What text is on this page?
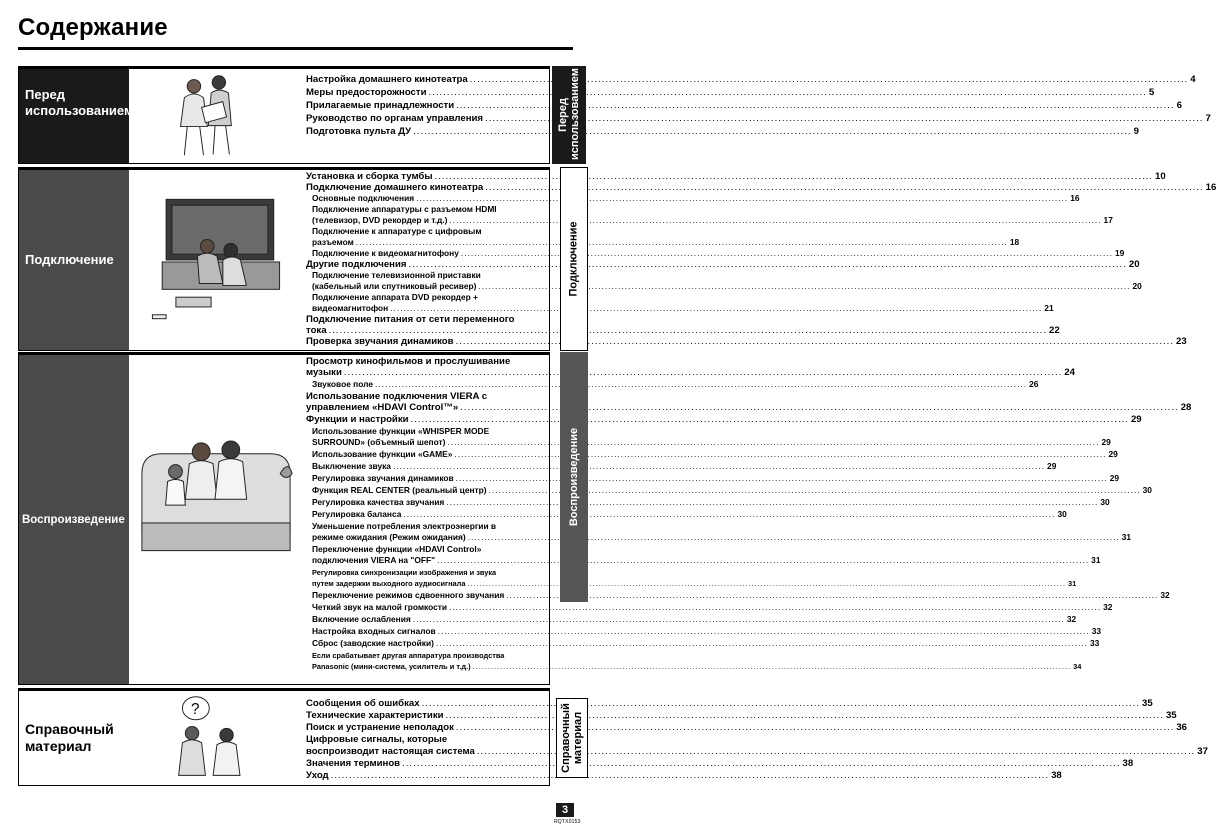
Содержание
Перед использованием
Настройка домашнего кинотеатра .....	4
Меры предосторожности .....	5
Прилагаемые принадлежности .....	6
Руководство по органам управления .....	7
Подготовка пульта ДУ .....	9
Перед использованием
Подключение
Установка и сборка тумбы .....	10
Подключение домашнего кинотеатра .....	16
Основные подключения .....	16
Подключение аппаратуры с разъемом HDMI
(телевизор, DVD рекордер и т.д.) .....	17
Подключение к аппаратуре с цифровым
разъемом .....	18
Подключение к видеомагнитофону .....	19
Другие подключения .....	20
Подключение телевизионной приставки
(кабельный или спутниковый ресивер) .....	20
Подключение аппарата DVD рекордер +
видеомагнитофон .....	21
Подключение питания от сети переменного
тока .....	22
Проверка звучания динамиков .....	23
Подключение
Воспроизведение
Просмотр кинофильмов и прослушивание
музыки .....	24
Звуковое поле .....	26
Использование подключения VIERA с
управлением «HDAVI Control™» .....	28
Функции и настройки .....	29
Использование функции «WHISPER MODE
SURROUND» (объемный шепот) .....	29
Использование функции «GAME» .....	29
Выключение звука .....	29
Регулировка звучания динамиков .....	29
Функция REAL CENTER (реальный центр) .....	30
Регулировка качества звучания .....	30
Регулировка баланса .....	30
Уменьшение потребления электроэнергии в
режиме ожидания (Режим ожидания) .....	31
Переключение функции «HDAVI Control»
подключения VIERA на "OFF" .....	31
Регулировка синхронизации изображения и звука
путем задержки выходного аудиосигнала .....	31
Переключение режимов сдвоенного звучания .....	32
Четкий звук на малой громкости .....	32
Включение ослабления .....	32
Настройка входных сигналов .....	33
Сброс (заводские настройки) .....	33
Если срабатывает другая аппаратура производства
Panasonic (мини-система, усилитель и т.д.) .....	34
Воспроизведение
Справочный материал
?	Сообщения об ошибках .....	35
Технические характеристики .....	35
Поиск и устранение неполадок .....	36
Цифровые сигналы, которые
воспроизводит настоящая система .....	37
Значения терминов .....	38
Уход .....	38
Справочный материал
3
RQTX0153
